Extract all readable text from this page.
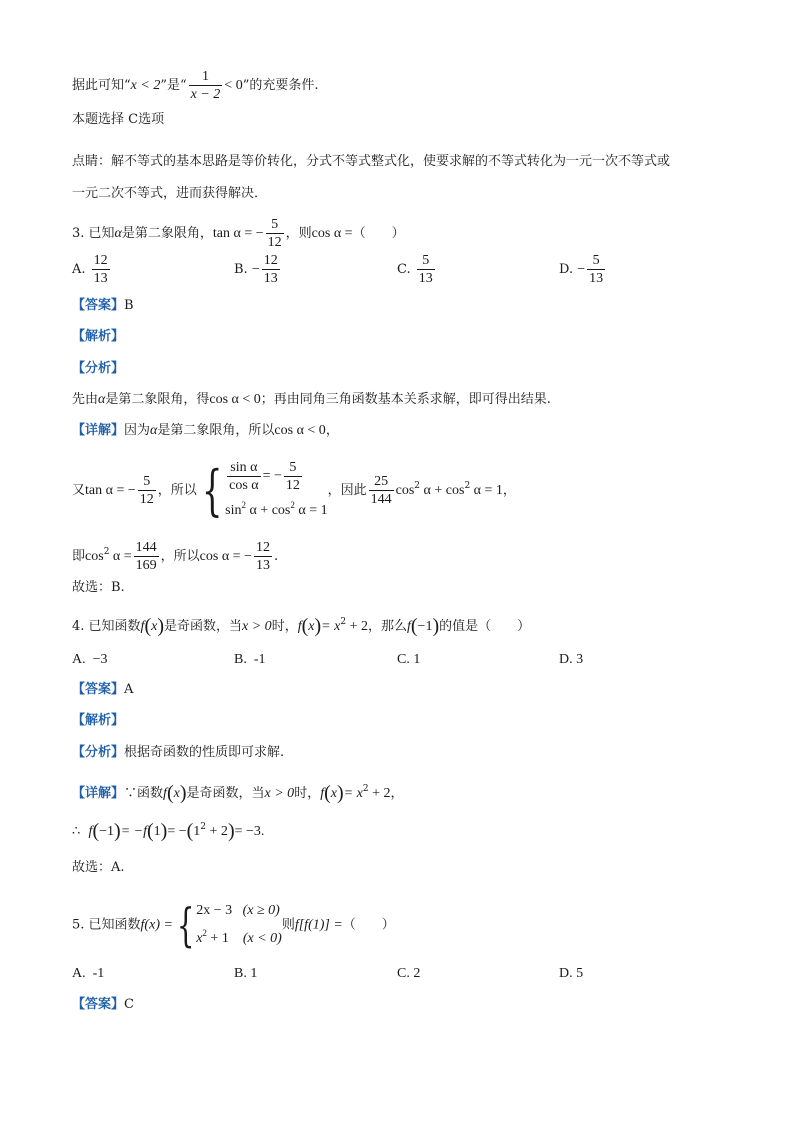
据此可知“x < 2”是“ $\frac{1}{x - 2} < 0$”的充要条件.
本题选择 C选项
点睛：解不等式的基本思路是等价转化，分式不等式整式化，使要求解的不等式转化为一元一次不等式或
一元二次不等式，进而获得解决．
3. 已知α是第二象限角，tan α = − $\frac{5}{12}$ ，则cos α =（　　）
A. $\frac{12}{13}$	B. − $\frac{12}{13}$	C. $\frac{5}{13}$	D. − $\frac{5}{13}$
【答案】B
【解析】
【分析】
先由α是第二象限角，得cos α < 0；再由同角三角函数基本关系求解，即可得出结果.
【详解】因为α是第二象限角，所以cos α < 0，
又tan α = − $\frac{5}{12}$ ，所以{ $\frac{\text{sin α}}{\text{cos α}}$ = − $\frac{5}{12}$
$\sin^2 \alpha + \cos^2 \alpha = 1$
，因此 $\frac{25}{144} \cos^2 \alpha + \cos^2 \alpha = 1$，
即$\cos^2 \alpha = \frac{144}{169}$ ，所以cos α = − $\frac{12}{13}$ .
故选：B.
4. 已知函数f(x)是奇函数，当x > 0时，$f(x)= x^2 + 2$，那么f(−1)的值是（　　）
A. −3	B. -1	C. 1	D. 3
【答案】A
【解析】
【分析】根据奇函数的性质即可求解.
【详解】∵函数f(x)是奇函数，当x > 0时，$f(x)= x^2 + 2$，
∴ $f(-1)= -f(1)= -(1^2 + 2)= -3$.
故选：A.
5. 已知函数f(x) ={ 2x − 3 (x ≥ 0)
$x^2 + 1$ (x < 0)
则f[f(1)] =（　　）
A. -1	B. 1	C. 2	D. 5
【答案】C
